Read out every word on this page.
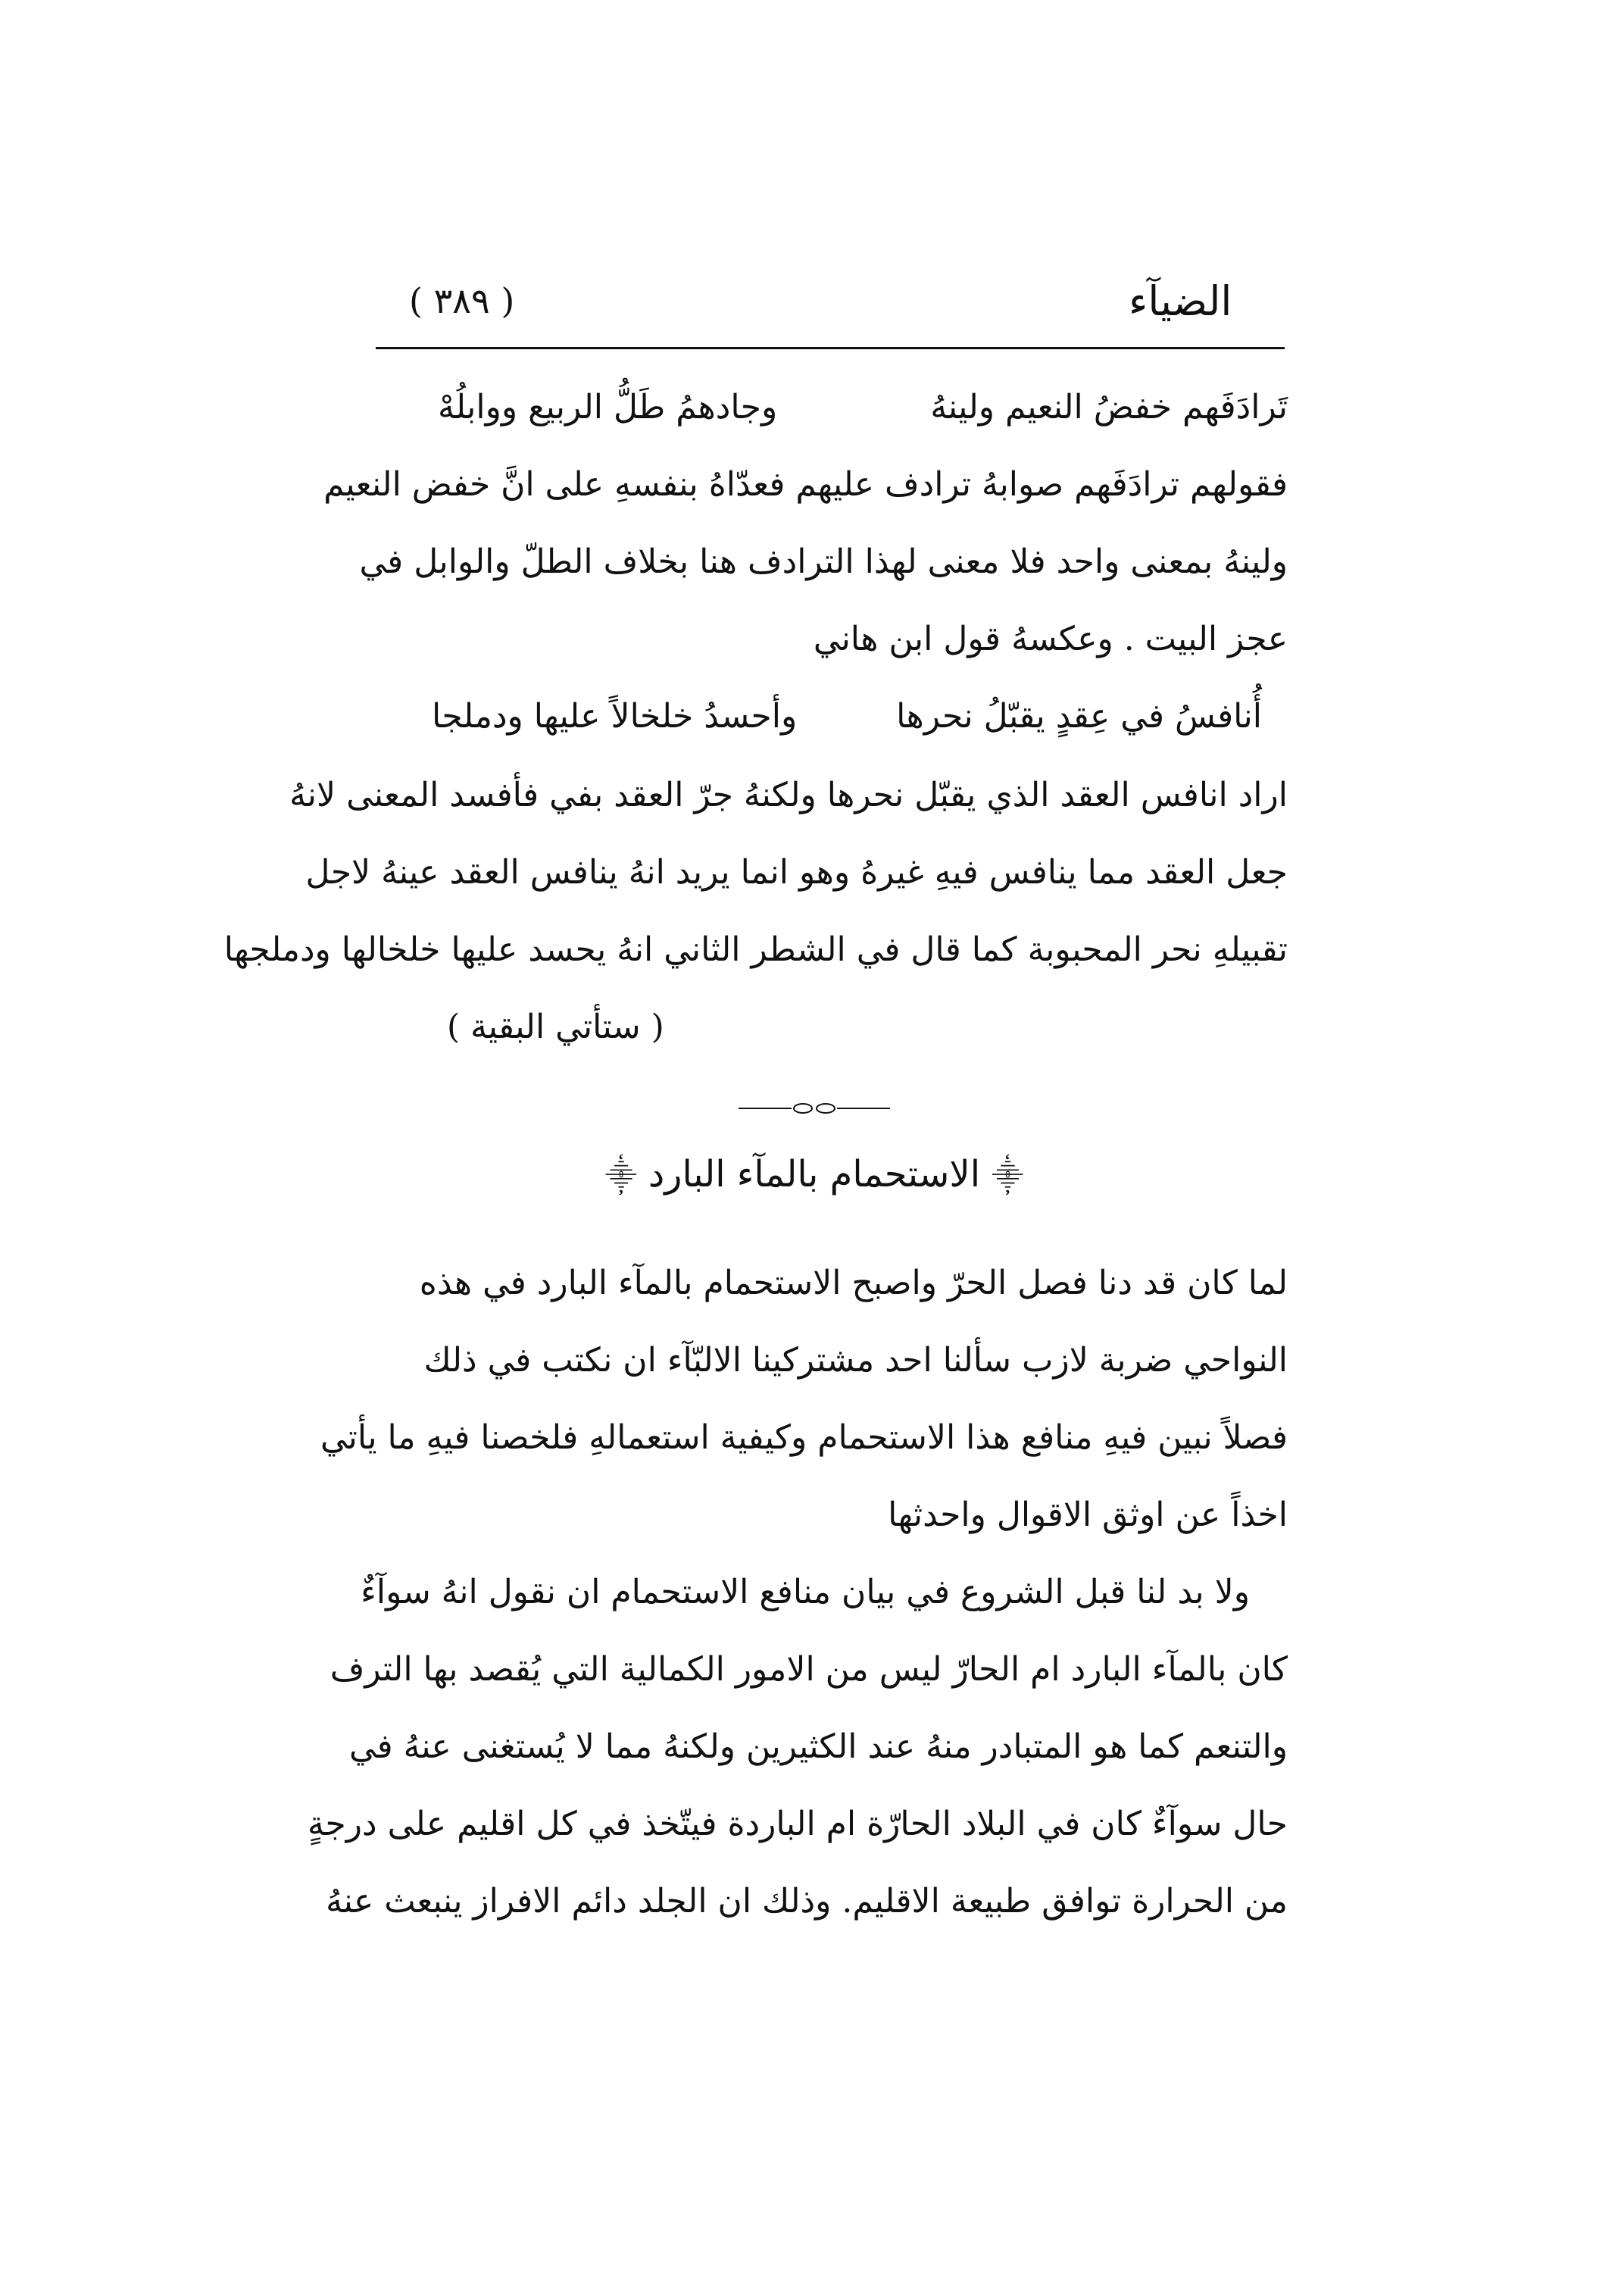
( ٣٨٩ )	الضيآء
تَرادَفَهم خفضُ النعيم ولينهُ
وجادهمُ طَلُّ الربيع ووابلُهْ
فقولهم ترادَفَهم صوابهُ ترادف عليهم فعدّاهُ بنفسهِ على انَّ خفض النعيم
ولينهُ بمعنى واحد فلا معنى لهذا الترادف هنا بخلاف الطلّ والوابل في
عجز البيت . وعكسهُ قول ابن هاني
أُنافسُ في عِقدٍ يقبّلُ نحرها
وأحسدُ خلخالاً عليها ودملجا
اراد انافس العقد الذي يقبّل نحرها ولكنهُ جرّ العقد بفي فأفسد المعنى لانهُ
جعل العقد مما ينافس فيهِ غيرهُ وهو انما يريد انهُ ينافس العقد عينهُ لاجل
تقبيلهِ نحر المحبوبة كما قال في الشطر الثاني انهُ يحسد عليها خلخالها ودملجها
( ستأتي البقية )
⸎ الاستحمام بالمآء البارد ⸎
لما كان قد دنا فصل الحرّ واصبح الاستحمام بالمآء البارد في هذه
النواحي ضربة لازب سألنا احد مشتركينا الالبّآء ان نكتب في ذلك
فصلاً نبين فيهِ منافع هذا الاستحمام وكيفية استعمالهِ فلخصنا فيهِ ما يأتي
اخذاً عن اوثق الاقوال واحدثها
ولا بد لنا قبل الشروع في بيان منافع الاستحمام ان نقول انهُ سوآءٌ
كان بالمآء البارد ام الحارّ ليس من الامور الكمالية التي يُقصد بها الترف
والتنعم كما هو المتبادر منهُ عند الكثيرين ولكنهُ مما لا يُستغنى عنهُ في
حال سوآءٌ كان في البلاد الحارّة ام الباردة فيتّخذ في كل اقليم على درجةٍ
من الحرارة توافق طبيعة الاقليم. وذلك ان الجلد دائم الافراز ينبعث عنهُ
